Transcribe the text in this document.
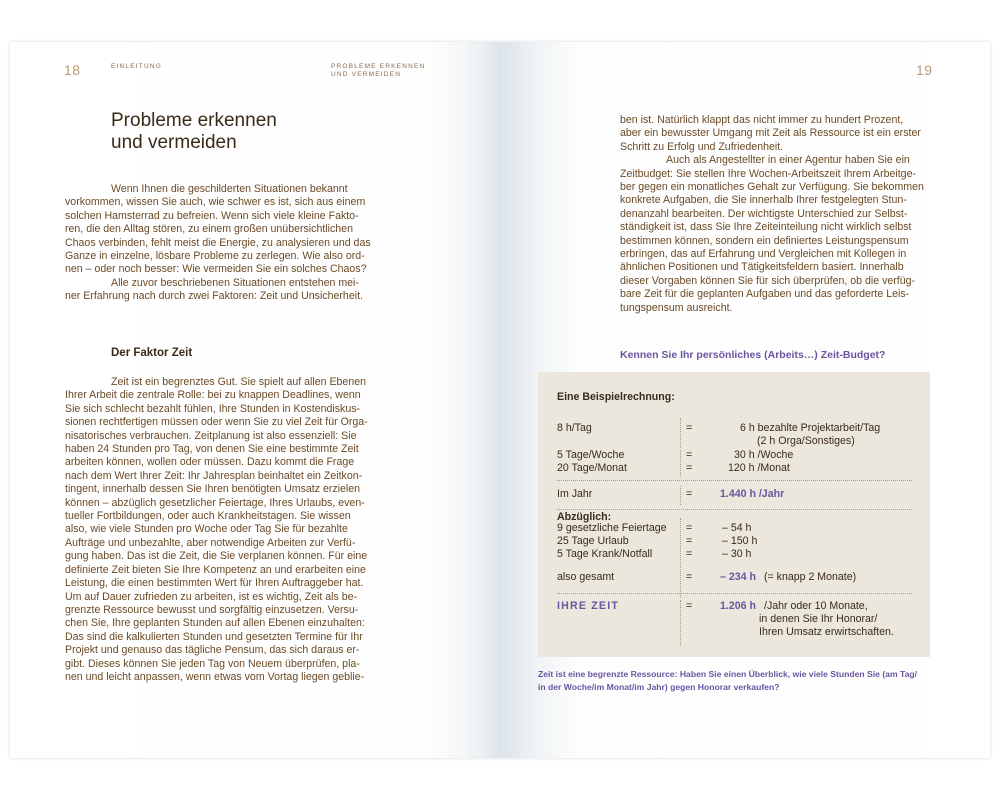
18	EINLEITUNG
Probleme erkennen
und vermeiden
Wenn Ihnen die geschilderten Situationen bekannt
vorkommen, wissen Sie auch, wie schwer es ist, sich aus einem
solchen Hamsterrad zu befreien. Wenn sich viele kleine Fakto-
ren, die den Alltag stören, zu einem großen unübersichtlichen
Chaos verbinden, fehlt meist die Energie, zu analysieren und das
Ganze in einzelne, lösbare Probleme zu zerlegen. Wie also ord-
nen – oder noch besser: Wie vermeiden Sie ein solches Chaos?
Alle zuvor beschriebenen Situationen entstehen mei-
ner Erfahrung nach durch zwei Faktoren: Zeit und Unsicherheit.
Der Faktor Zeit
Zeit ist ein begrenztes Gut. Sie spielt auf allen Ebenen
Ihrer Arbeit die zentrale Rolle: bei zu knappen Deadlines, wenn
Sie sich schlecht bezahlt fühlen, Ihre Stunden in Kostendiskus-
sionen rechtfertigen müssen oder wenn Sie zu viel Zeit für Orga-
nisatorisches verbrauchen. Zeitplanung ist also essenziell: Sie
haben 24 Stunden pro Tag, von denen Sie eine bestimmte Zeit
arbeiten können, wollen oder müssen. Dazu kommt die Frage
nach dem Wert Ihrer Zeit: Ihr Jahresplan beinhaltet ein Zeitkon-
tingent, innerhalb dessen Sie Ihren benötigten Umsatz erzielen
können – abzüglich gesetzlicher Feiertage, Ihres Urlaubs, even-
tueller Fortbildungen, oder auch Krankheitstagen. Sie wissen
also, wie viele Stunden pro Woche oder Tag Sie für bezahlte
Aufträge und unbezahlte, aber notwendige Arbeiten zur Verfü-
gung haben. Das ist die Zeit, die Sie verplanen können. Für eine
definierte Zeit bieten Sie Ihre Kompetenz an und erarbeiten eine
Leistung, die einen bestimmten Wert für Ihren Auftraggeber hat.
Um auf Dauer zufrieden zu arbeiten, ist es wichtig, Zeit als be-
grenzte Ressource bewusst und sorgfältig einzusetzen. Versu-
chen Sie, Ihre geplanten Stunden auf allen Ebenen einzuhalten:
Das sind die kalkulierten Stunden und gesetzten Termine für Ihr
Projekt und genauso das tägliche Pensum, das sich daraus er-
gibt. Dieses können Sie jeden Tag von Neuem überprüfen, pla-
nen und leicht anpassen, wenn etwas vom Vortag liegen geblie-
PROBLEME ERKENNEN
UND VERMEIDEN	19
ben ist. Natürlich klappt das nicht immer zu hundert Prozent,
aber ein bewusster Umgang mit Zeit als Ressource ist ein erster
Schritt zu Erfolg und Zufriedenheit.
Auch als Angestellter in einer Agentur haben Sie ein
Zeitbudget: Sie stellen Ihre Wochen-Arbeitszeit Ihrem Arbeitge-
ber gegen ein monatliches Gehalt zur Verfügung. Sie bekommen
konkrete Aufgaben, die Sie innerhalb Ihrer festgelegten Stun-
denanzahl bearbeiten. Der wichtigste Unterschied zur Selbst-
ständigkeit ist, dass Sie Ihre Zeiteinteilung nicht wirklich selbst
bestimmen können, sondern ein definiertes Leistungspensum
erbringen, das auf Erfahrung und Vergleichen mit Kollegen in
ähnlichen Positionen und Tätigkeitsfeldern basiert. Innerhalb
dieser Vorgaben können Sie für sich überprüfen, ob die verfüg-
bare Zeit für die geplanten Aufgaben und das geforderte Leis-
tungspensum ausreicht.
Kennen Sie Ihr persönliches (Arbeits…) Zeit-Budget?
Eine Beispielrechnung:
8 h/Tag	=	6 h bezahlte Projektarbeit/Tag
(2 h Orga/Sonstiges)
5 Tage/Woche	=	30 h /Woche
20 Tage/Monat	=	120 h /Monat
Im Jahr	=	1.440 h /Jahr
Abzüglich:
9 gesetzliche Feiertage =	– 54 h
25 Tage Urlaub	=	– 150 h
5 Tage Krank/Notfall	=	– 30 h
also gesamt	=	– 234 h (= knapp 2 Monate)
IHRE ZEIT	=	1.206 h /Jahr oder 10 Monate,
in denen Sie Ihr Honorar/
Ihren Umsatz erwirtschaften.
Zeit ist eine begrenzte Ressource: Haben Sie einen Überblick, wie viele Stunden Sie (am Tag/
in der Woche/im Monat/im Jahr) gegen Honorar verkaufen?
